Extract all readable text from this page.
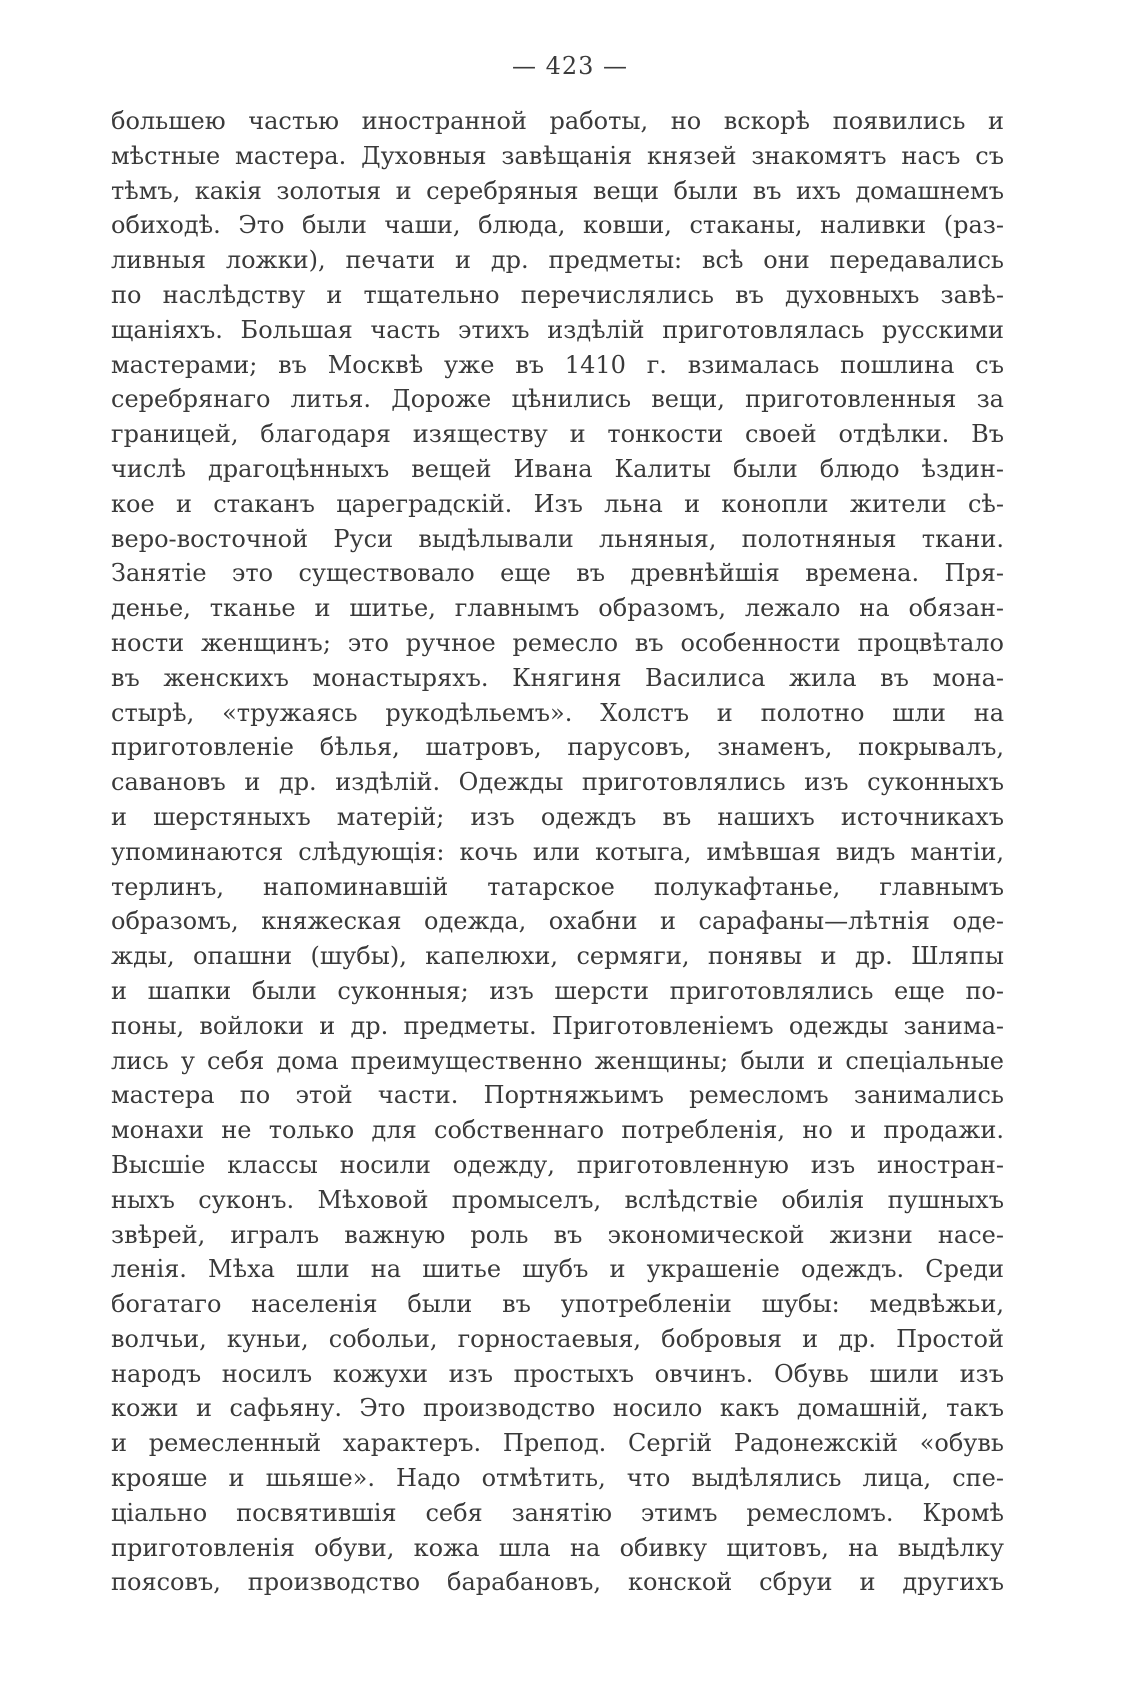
— 423 —
большею частью иностранной работы, но вскорѣ появились и
мѣстные мастера. Духовныя завѣщанія князей знакомятъ насъ съ
тѣмъ, какія золотыя и серебряныя вещи были въ ихъ домашнемъ
обиходѣ. Это были чаши, блюда, ковши, стаканы, наливки (раз-
ливныя ложки), печати и др. предметы: всѣ они передавались
по наслѣдству и тщательно перечислялись въ духовныхъ завѣ-
щаніяхъ. Большая часть этихъ издѣлій приготовлялась русскими
мастерами; въ Москвѣ уже въ 1410 г. взималась пошлина съ
серебрянаго литья. Дороже цѣнились вещи, приготовленныя за
границей, благодаря изяществу и тонкости своей отдѣлки. Въ
числѣ драгоцѣнныхъ вещей Ивана Калиты были блюдо ѣздин-
кое и стаканъ цареградскій. Изъ льна и конопли жители сѣ-
веро-восточной Руси выдѣлывали льняныя, полотняныя ткани.
Занятіе это существовало еще въ древнѣйшія времена. Пря-
денье, тканье и шитье, главнымъ образомъ, лежало на обязан-
ности женщинъ; это ручное ремесло въ особенности процвѣтало
въ женскихъ монастыряхъ. Княгиня Василиса жила въ мона-
стырѣ, «тружаясь рукодѣльемъ». Холстъ и полотно шли на
приготовленіе бѣлья, шатровъ, парусовъ, знаменъ, покрывалъ,
савановъ и др. издѣлій. Одежды приготовлялись изъ суконныхъ
и шерстяныхъ матерій; изъ одеждъ въ нашихъ источникахъ
упоминаются слѣдующія: кочь или котыга, имѣвшая видъ мантіи,
терлинъ, напоминавшій татарское полукафтанье, главнымъ
образомъ, княжеская одежда, охабни и сарафаны—лѣтнія оде-
жды, опашни (шубы), капелюхи, сермяги, понявы и др. Шляпы
и шапки были суконныя; изъ шерсти приготовлялись еще по-
поны, войлоки и др. предметы. Приготовленіемъ одежды занима-
лись у себя дома преимущественно женщины; были и спеціальные
мастера по этой части. Портняжьимъ ремесломъ занимались
монахи не только для собственнаго потребленія, но и продажи.
Высшіе классы носили одежду, приготовленную изъ иностран-
ныхъ суконъ. Мѣховой промыселъ, вслѣдствіе обилія пушныхъ
звѣрей, игралъ важную роль въ экономической жизни насе-
ленія. Мѣха шли на шитье шубъ и украшеніе одеждъ. Среди
богатаго населенія были въ употребленіи шубы: медвѣжьи,
волчьи, куньи, собольи, горностаевыя, бобровыя и др. Простой
народъ носилъ кожухи изъ простыхъ овчинъ. Обувь шили изъ
кожи и сафьяну. Это производство носило какъ домашній, такъ
и ремесленный характеръ. Препод. Сергій Радонежскій «обувь
крояше и шьяше». Надо отмѣтить, что выдѣлялись лица, спе-
ціально посвятившія себя занятію этимъ ремесломъ. Кромѣ
приготовленія обуви, кожа шла на обивку щитовъ, на выдѣлку
поясовъ, производство барабановъ, конской сбруи и другихъ
